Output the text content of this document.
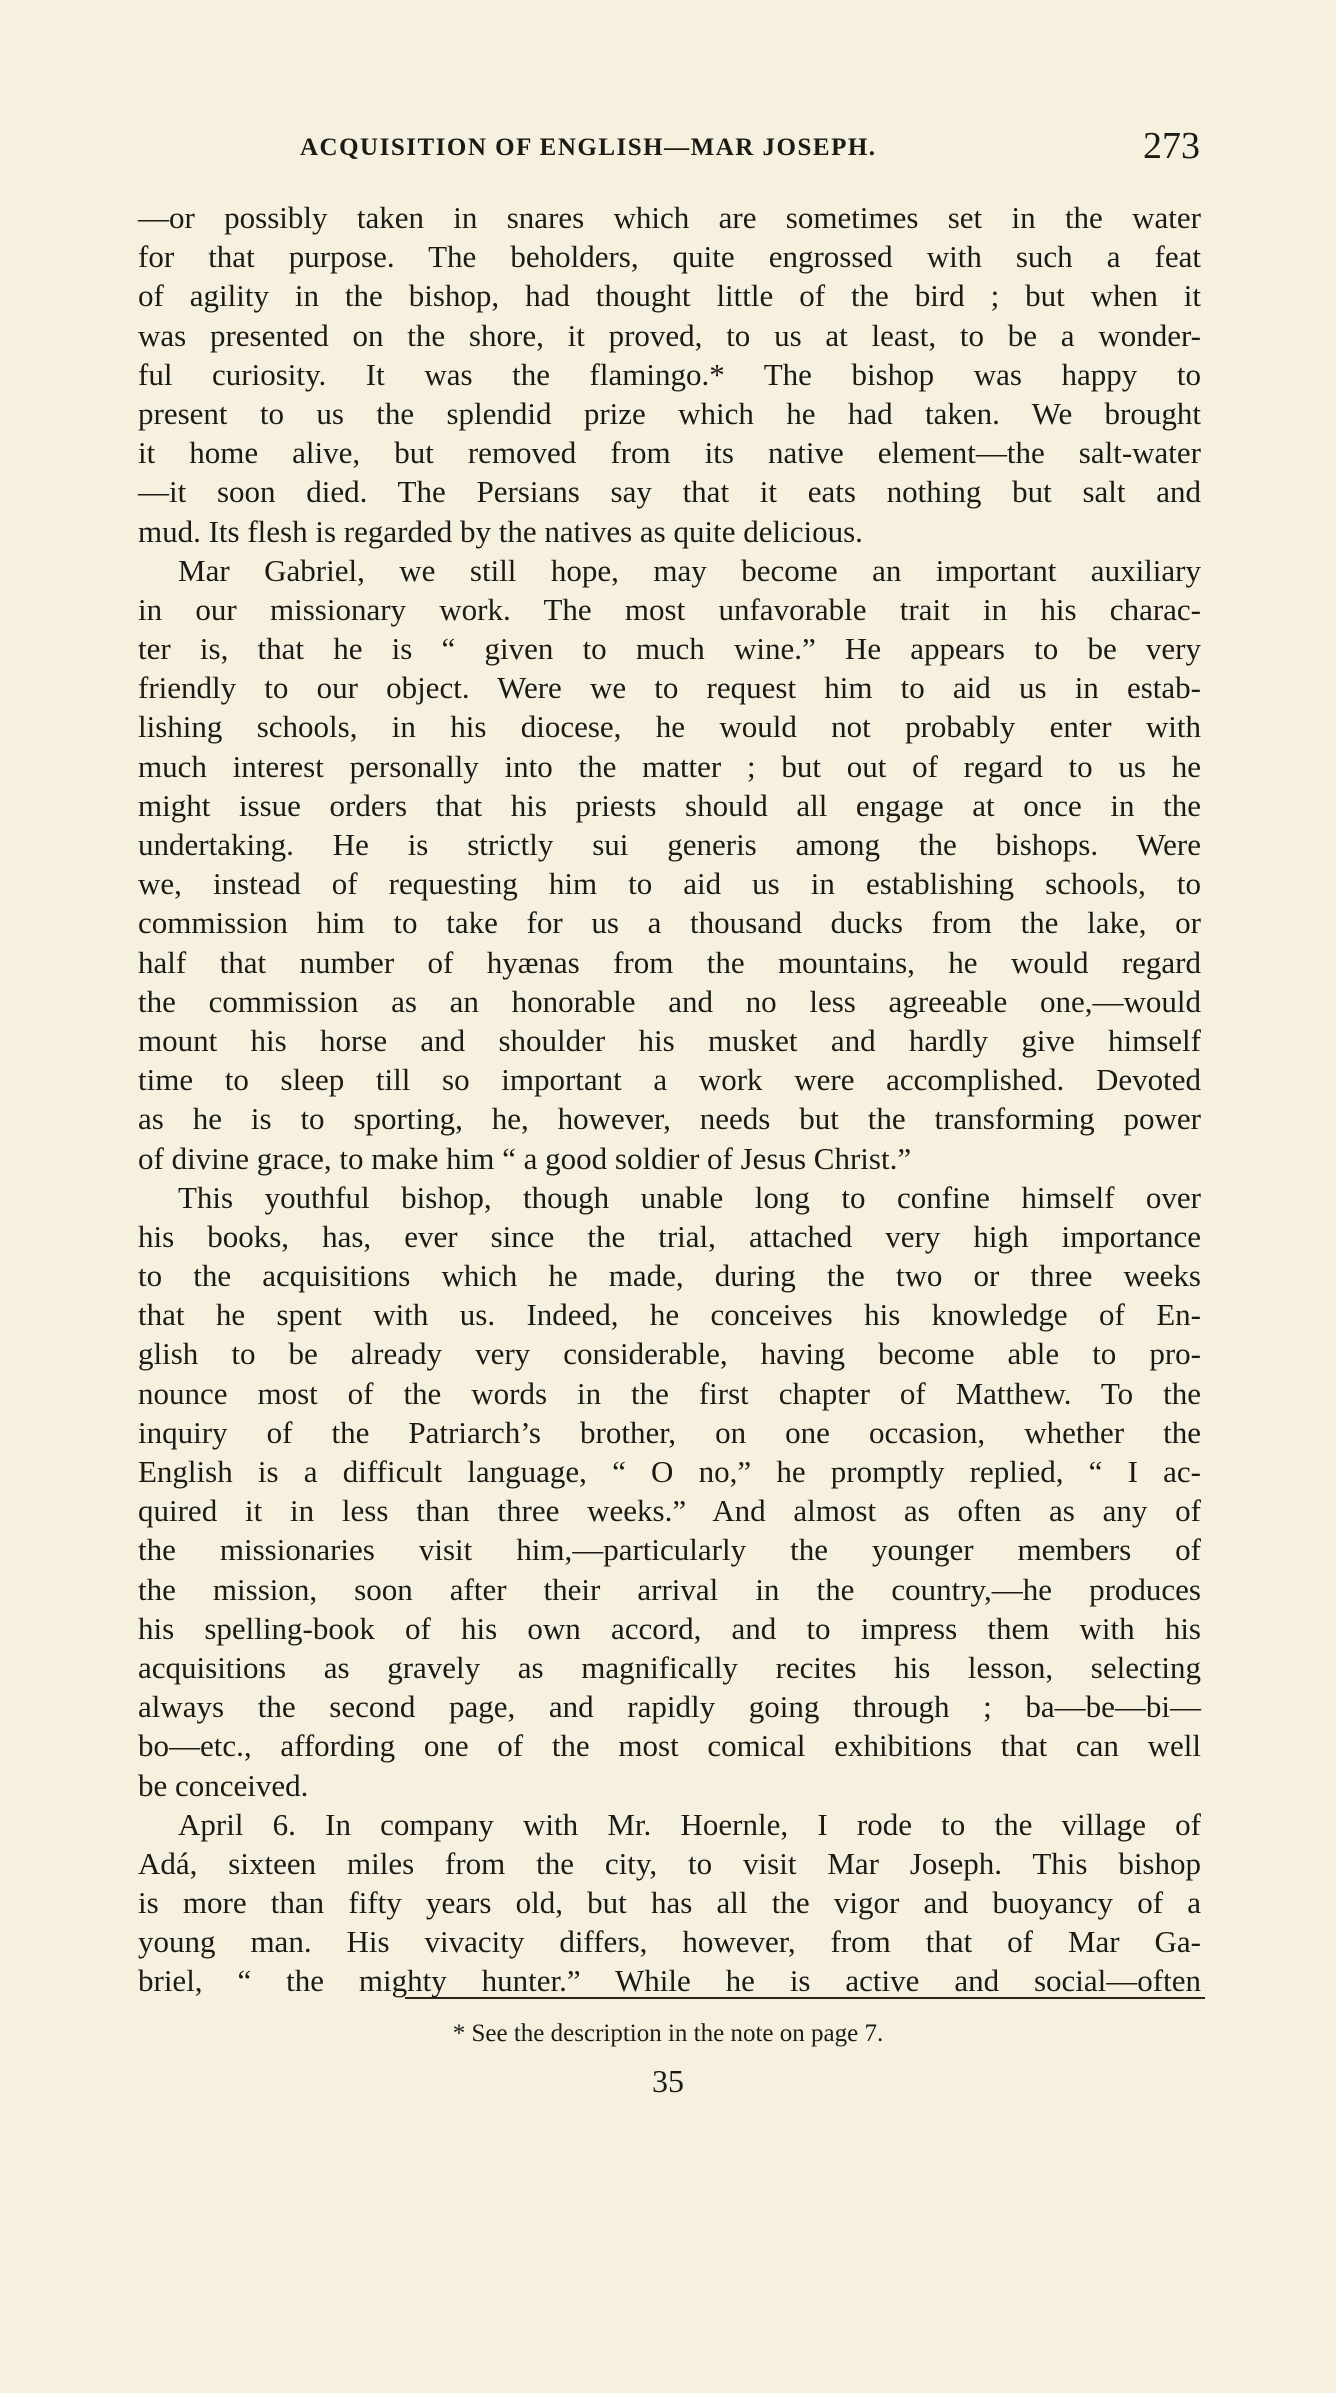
ACQUISITION OF ENGLISH—MAR JOSEPH.	273
—or possibly taken in snares which are sometimes set in the water
for that purpose. The beholders, quite engrossed with such a feat
of agility in the bishop, had thought little of the bird ; but when it
was presented on the shore, it proved, to us at least, to be a wonder-
ful curiosity. It was the flamingo.* The bishop was happy to
present to us the splendid prize which he had taken. We brought
it home alive, but removed from its native element—the salt-water
—it soon died. The Persians say that it eats nothing but salt and
mud. Its flesh is regarded by the natives as quite delicious.
Mar Gabriel, we still hope, may become an important auxiliary
in our missionary work. The most unfavorable trait in his charac-
ter is, that he is “ given to much wine.” He appears to be very
friendly to our object. Were we to request him to aid us in estab-
lishing schools, in his diocese, he would not probably enter with
much interest personally into the matter ; but out of regard to us he
might issue orders that his priests should all engage at once in the
undertaking. He is strictly sui generis among the bishops. Were
we, instead of requesting him to aid us in establishing schools, to
commission him to take for us a thousand ducks from the lake, or
half that number of hyænas from the mountains, he would regard
the commission as an honorable and no less agreeable one,—would
mount his horse and shoulder his musket and hardly give himself
time to sleep till so important a work were accomplished. Devoted
as he is to sporting, he, however, needs but the transforming power
of divine grace, to make him “ a good soldier of Jesus Christ.”
This youthful bishop, though unable long to confine himself over
his books, has, ever since the trial, attached very high importance
to the acquisitions which he made, during the two or three weeks
that he spent with us. Indeed, he conceives his knowledge of En-
glish to be already very considerable, having become able to pro-
nounce most of the words in the first chapter of Matthew. To the
inquiry of the Patriarch’s brother, on one occasion, whether the
English is a difficult language, “ O no,” he promptly replied, “ I ac-
quired it in less than three weeks.” And almost as often as any of
the missionaries visit him,—particularly the younger members of
the mission, soon after their arrival in the country,—he produces
his spelling-book of his own accord, and to impress them with his
acquisitions as gravely as magnifically recites his lesson, selecting
always the second page, and rapidly going through ; ba—be—bi—
bo—etc., affording one of the most comical exhibitions that can well
be conceived.
April 6. In company with Mr. Hoernle, I rode to the village of
Adá, sixteen miles from the city, to visit Mar Joseph. This bishop
is more than fifty years old, but has all the vigor and buoyancy of a
young man. His vivacity differs, however, from that of Mar Ga-
briel, “ the mighty hunter.” While he is active and social—often
* See the description in the note on page 7.
35
